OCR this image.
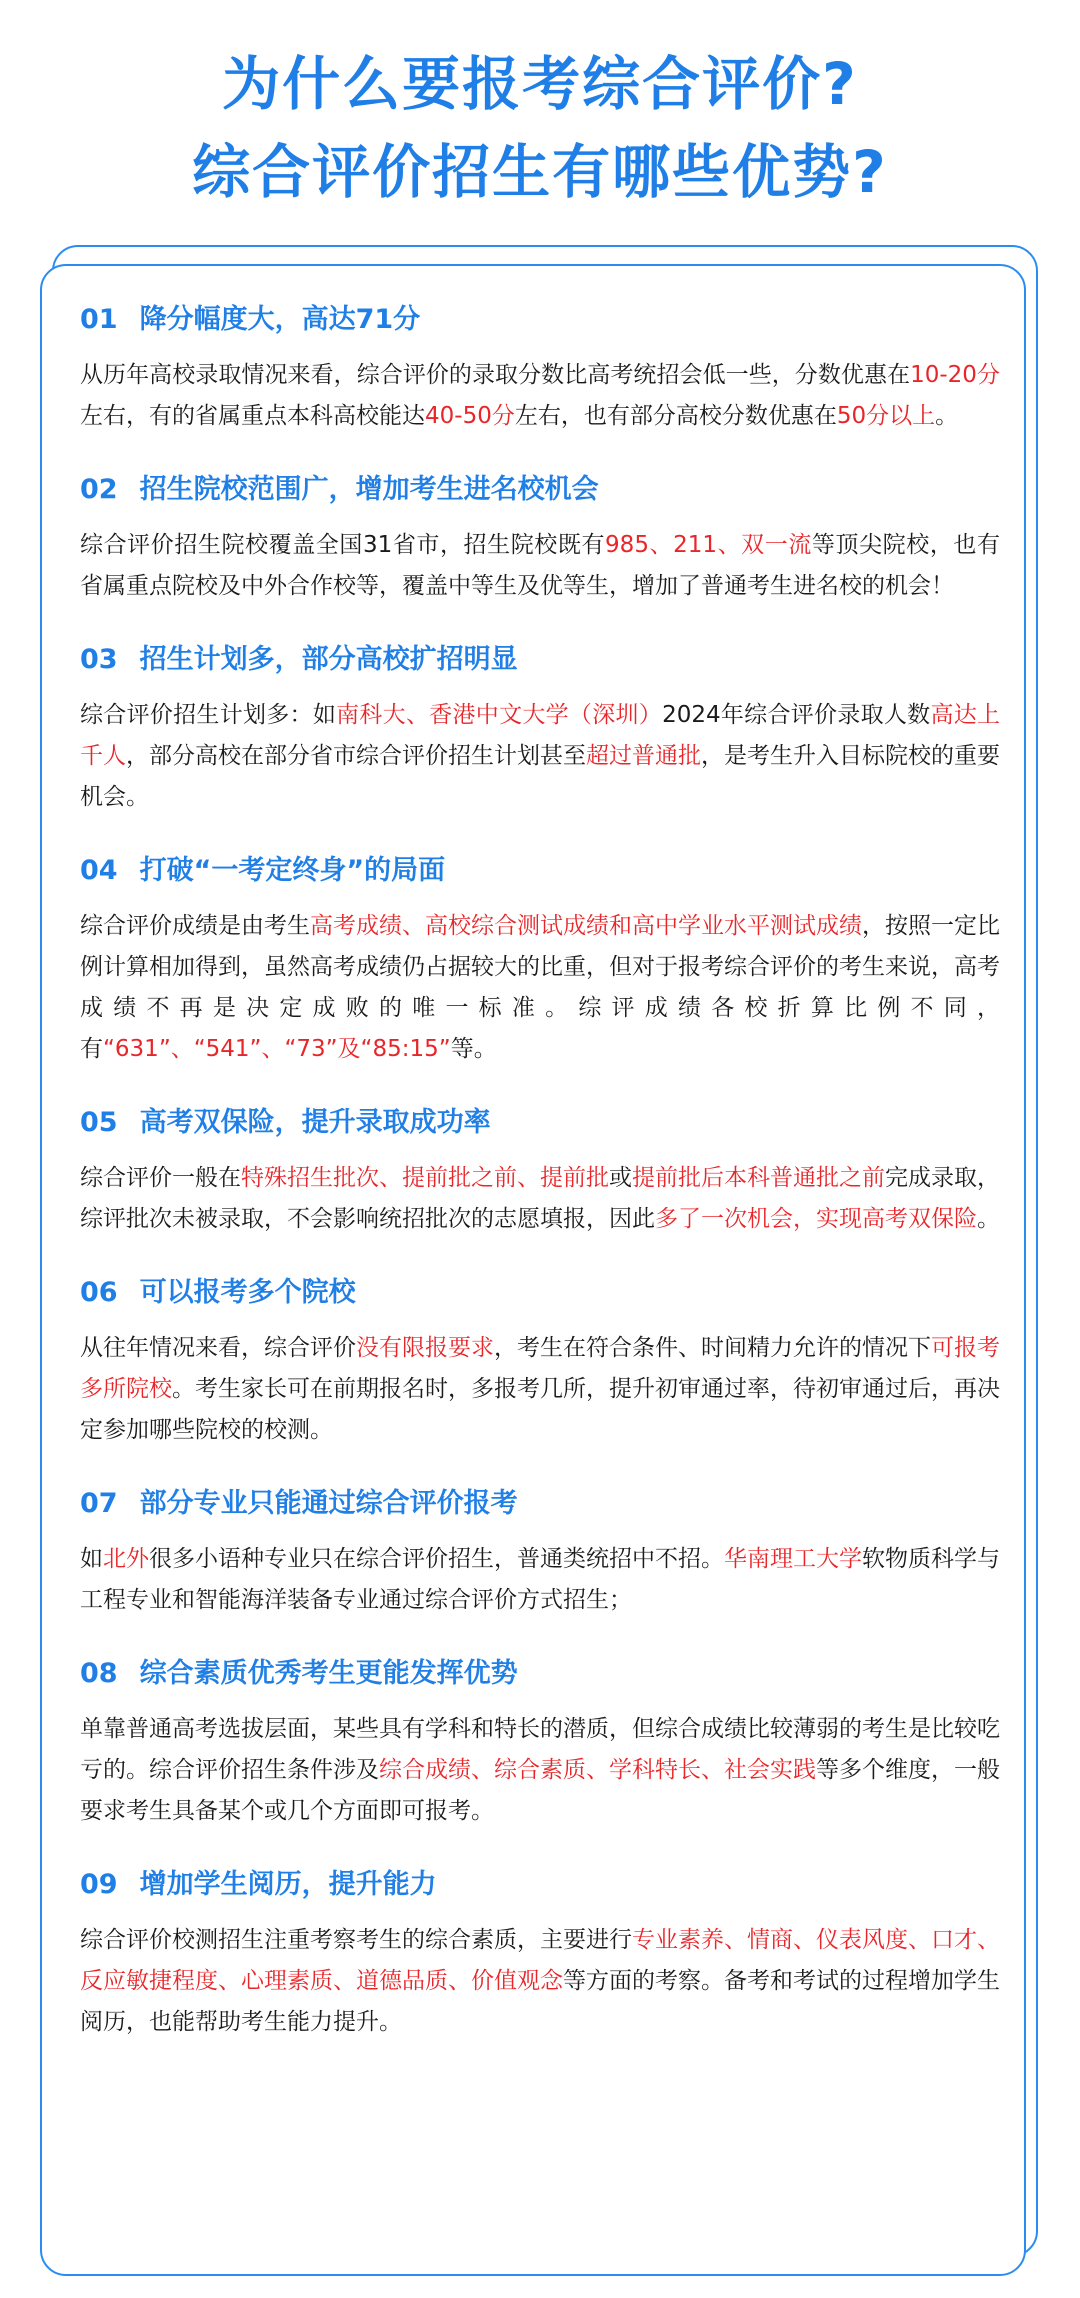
为什么要报考综合评价?
综合评价招生有哪些优势?
01 降分幅度大，高达71分

从历年高校录取情况来看，综合评价的录取分数比高考统招会低一些，分数优惠在10-20分左右，有的省属重点本科高校能达40-50分左右，也有部分高校分数优惠在50分以上。

02 招生院校范围广，增加考生进名校机会

综合评价招生院校覆盖全国31省市，招生院校既有985、211、双一流等顶尖院校，也有省属重点院校及中外合作校等，覆盖中等生及优等生，增加了普通考生进名校的机会！

03 招生计划多，部分高校扩招明显

综合评价招生计划多：如南科大、香港中文大学（深圳）2024年综合评价录取人数高达上千人，部分高校在部分省市综合评价招生计划甚至超过普通批，是考生升入目标院校的重要机会。

04 打破“一考定终身”的局面

综合评价成绩是由考生高考成绩、高校综合测试成绩和高中学业水平测试成绩，按照一定比例计算相加得到，虽然高考成绩仍占据较大的比重，但对于报考综合评价的考生来说，高考成绩不再是决定成败的唯一标准。综评成绩各校折算比例不同，有“631”、“541”、“73”及“85:15”等。

05 高考双保险，提升录取成功率

综合评价一般在特殊招生批次、提前批之前、提前批或提前批后本科普通批之前完成录取，综评批次未被录取，不会影响统招批次的志愿填报，因此多了一次机会，实现高考双保险。

06 可以报考多个院校

从往年情况来看，综合评价没有限报要求，考生在符合条件、时间精力允许的情况下可报考多所院校。考生家长可在前期报名时，多报考几所，提升初审通过率，待初审通过后，再决定参加哪些院校的校测。

07 部分专业只能通过综合评价报考

如北外很多小语种专业只在综合评价招生，普通类统招中不招。华南理工大学软物质科学与工程专业和智能海洋装备专业通过综合评价方式招生；

08 综合素质优秀考生更能发挥优势

单靠普通高考选拔层面，某些具有学科和特长的潜质，但综合成绩比较薄弱的考生是比较吃亏的。综合评价招生条件涉及综合成绩、综合素质、学科特长、社会实践等多个维度，一般要求考生具备某个或几个方面即可报考。

09 增加学生阅历，提升能力

综合评价校测招生注重考察考生的综合素质，主要进行专业素养、情商、仪表风度、口才、反应敏捷程度、心理素质、道德品质、价值观念等方面的考察。备考和考试的过程增加学生阅历，也能帮助考生能力提升。
